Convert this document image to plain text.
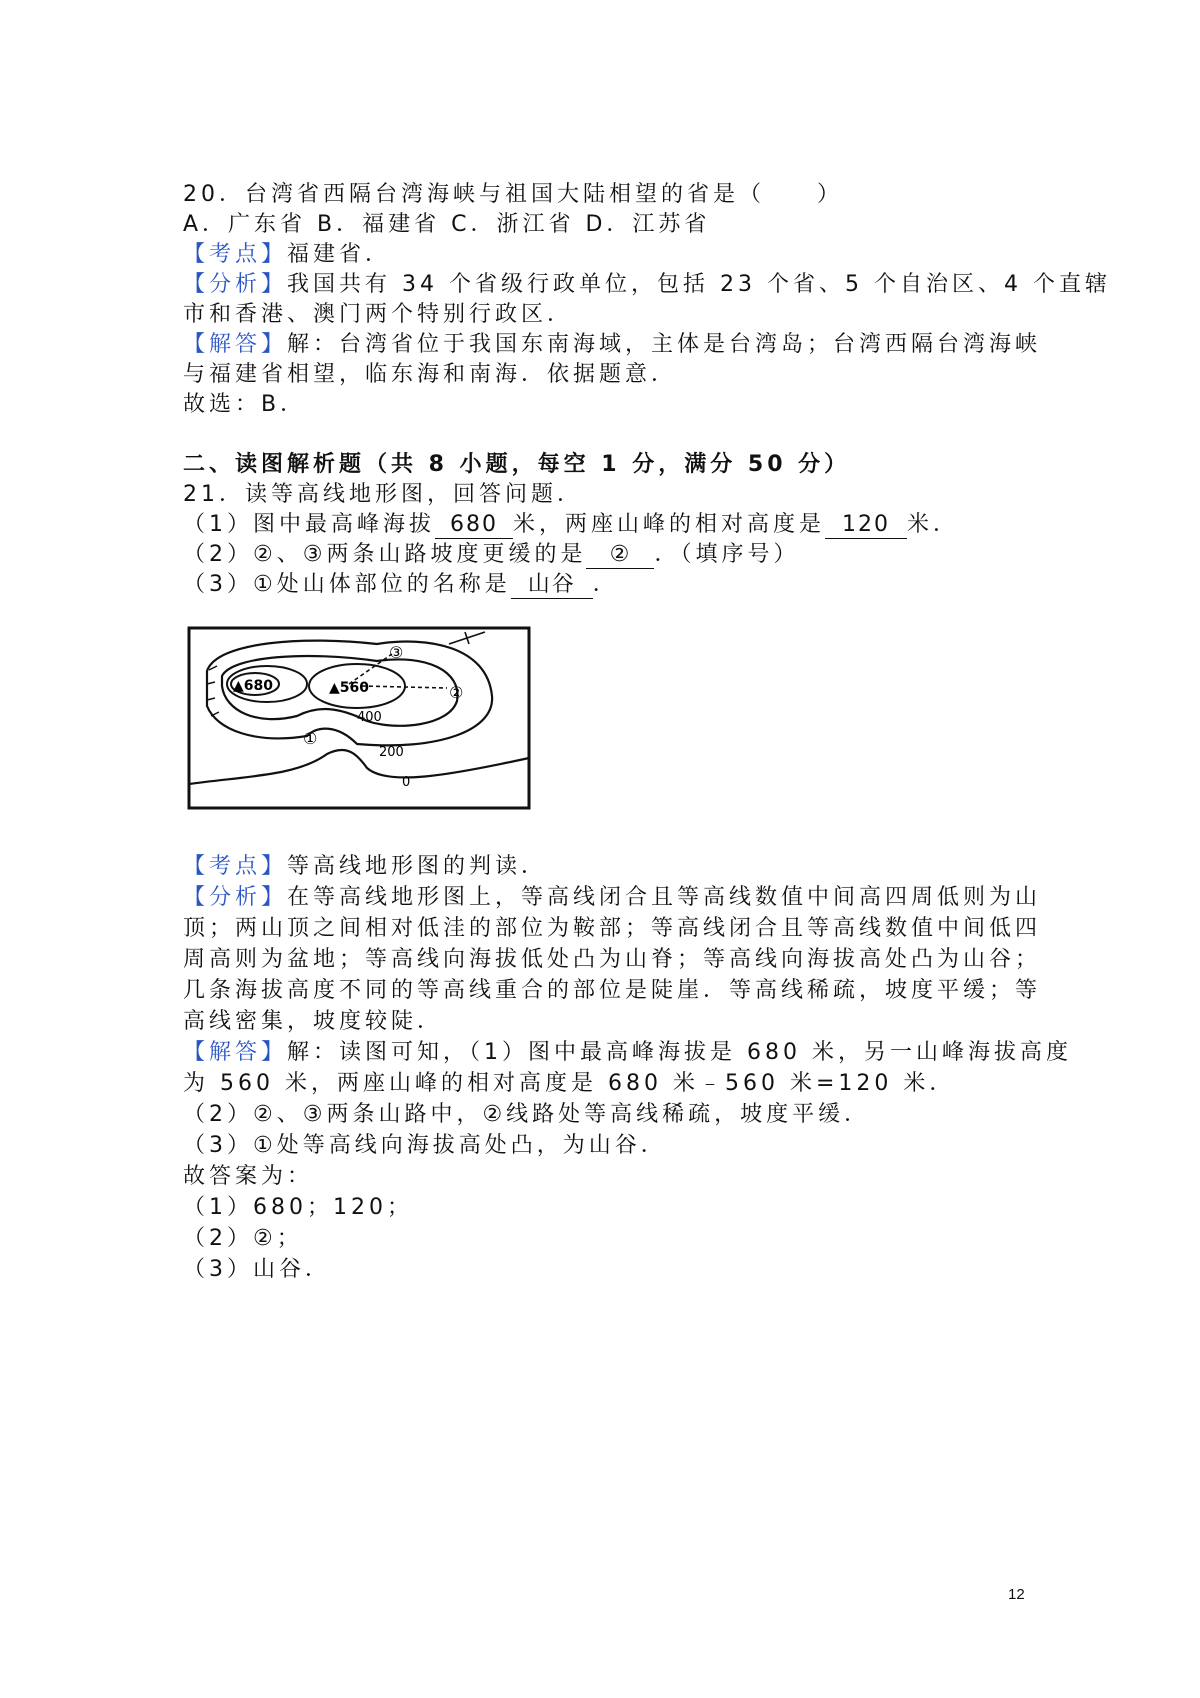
20．台湾省西隔台湾海峡与祖国大陆相望的省是（　　）
A．广东省 B．福建省 C．浙江省 D．江苏省
【考点】福建省．
【分析】我国共有 34 个省级行政单位，包括 23 个省、5 个自治区、4 个直辖
市和香港、澳门两个特别行政区．
【解答】解：台湾省位于我国东南海域，主体是台湾岛；台湾西隔台湾海峡
与福建省相望，临东海和南海．依据题意．
故选：B．
二、读图解析题（共 8 小题，每空 1 分，满分 50 分）
21．读等高线地形图，回答问题．
（1）图中最高峰海拔 680 米，两座山峰的相对高度是 120 米．
（2）②、③两条山路坡度更缓的是 ② ．（填序号）
（3）①处山体部位的名称是 山谷 ．
▲680	▲560
400
200
0
①
②
③
【考点】等高线地形图的判读．
【分析】在等高线地形图上，等高线闭合且等高线数值中间高四周低则为山
顶；两山顶之间相对低洼的部位为鞍部；等高线闭合且等高线数值中间低四
周高则为盆地；等高线向海拔低处凸为山脊；等高线向海拔高处凸为山谷；
几条海拔高度不同的等高线重合的部位是陡崖．等高线稀疏，坡度平缓；等
高线密集，坡度较陡．
【解答】解：读图可知，（1）图中最高峰海拔是 680 米，另一山峰海拔高度
为 560 米，两座山峰的相对高度是 680 米﹣560 米=120 米．
（2）②、③两条山路中，②线路处等高线稀疏，坡度平缓．
（3）①处等高线向海拔高处凸，为山谷．
故答案为：
（1）680；120；
（2）②；
（3）山谷．
12
